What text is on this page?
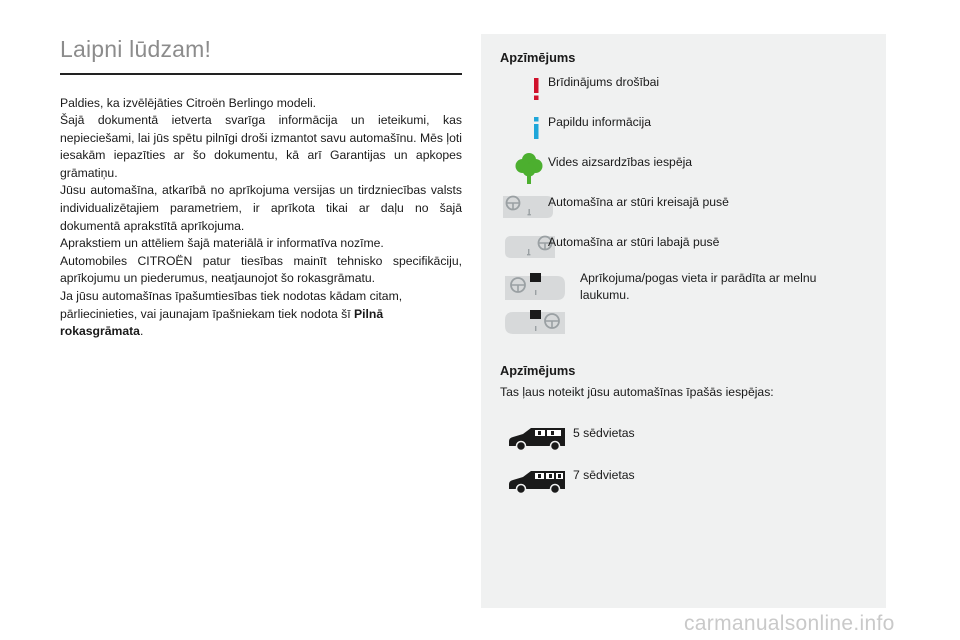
Laipni lūdzam!

Paldies, ka izvēlējāties Citroën Berlingo modeli.

Šajā dokumentā ietverta svarīga informācija un ieteikumi, kas nepieciešami, lai jūs spētu pilnīgi droši izmantot savu automašīnu. Mēs ļoti iesakām iepazīties ar šo dokumentu, kā arī Garantijas un apkopes grāmatiņu.

Jūsu automašīna, atkarībā no aprīkojuma versijas un tirdzniecības valsts individualizētajiem parametriem, ir aprīkota tikai ar daļu no šajā dokumentā aprakstītā aprīkojuma.

Aprakstiem un attēliem šajā materiālā ir informatīva nozīme.

Automobiles CITROËN patur tiesības mainīt tehnisko specifikāciju, aprīkojumu un piederumus, neatjaunojot šo rokasgrāmatu.

Ja jūsu automašīnas īpašumtiesības tiek nodotas kādam citam, pārliecinieties, vai jaunajam īpašniekam tiek nodota šī Pilnā rokasgrāmata.

Apzīmējums
Brīdinājums drošībai
Papildu informācija
Vides aizsardzības iespēja
Automašīna ar stūri kreisajā pusē
Automašīna ar stūri labajā pusē
Aprīkojuma/pogas vieta ir parādīta ar melnu laukumu.
Apzīmējums

Tas ļaus noteikt jūsu automašīnas īpašās iespējas:

5 sēdvietas
7 sēdvietas
carmanualsonline.info
